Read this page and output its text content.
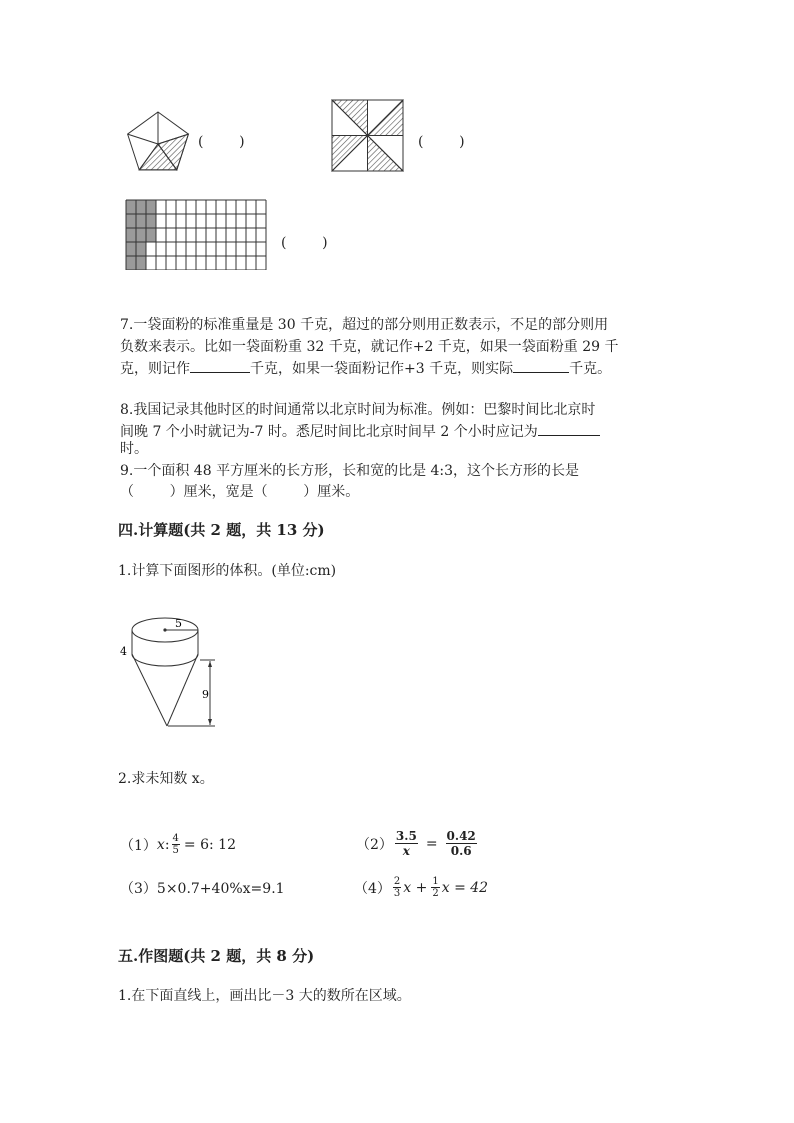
(        )	(        )
(        )
7.一袋面粉的标准重量是 30 千克，超过的部分则用正数表示，不足的部分则用
负数来表示。比如一袋面粉重 32 千克，就记作+2 千克，如果一袋面粉重 29 千
克，则记作	千克，如果一袋面粉记作+3 千克，则实际	千克。
8.我国记录其他时区的时间通常以北京时间为标准。例如：巴黎时间比北京时
间晚 7 个小时就记为-7 时。悉尼时间比北京时间早 2 个小时应记为
时。
9.一个面积 48 平方厘米的长方形，长和宽的比是 4:3，这个长方形的长是
（        ）厘米，宽是（        ）厘米。
四.计算题(共 2 题，共 13 分)
1.计算下面图形的体积。(单位:cm)
5
4
9
2.求未知数 x。
（1） x : $\frac{4}{5} = 6$: 12	$(2) \frac{3.5}{x} = \frac{0.42}{0.6}$
（3）5×0.7+40%x=9.1	$(4) \frac{2}{3}$ $x + \frac{1}{2}$ x = 42
五.作图题(共 2 题，共 8 分)
1.在下面直线上，画出比－3 大的数所在区域。
